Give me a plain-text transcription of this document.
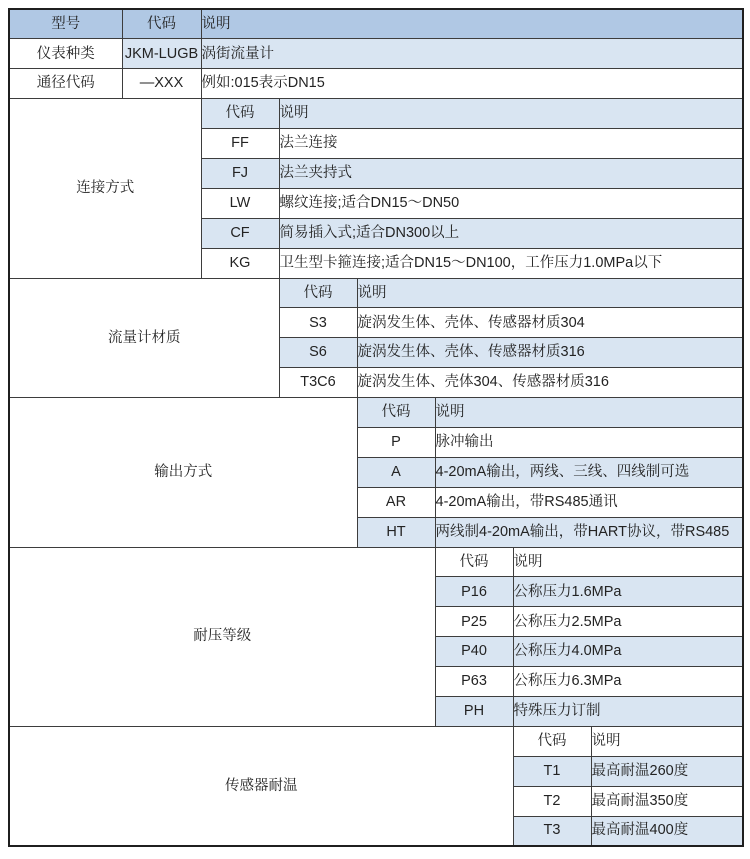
型号	代码	说明					
仪表种类	JKM-LUGB	涡街流量计					
通径代码	—XXX	例如:015表示DN15					
连接方式		代码	说明				
		FF	法兰连接				
		FJ	法兰夹持式				
		LW	螺纹连接;适合DN15～DN50				
		CF	简易插入式;适合DN300以上				
		KG	卫生型卡箍连接;适合DN15～DN100，工作压力1.0MPa以下				
流量计材质			代码	说明			
			S3	旋涡发生体、壳体、传感器材质304			
			S6	旋涡发生体、壳体、传感器材质316			
			T3C6	旋涡发生体、壳体304、传感器材质316			
输出方式				代码	说明		
				P	脉冲输出		
				A	4-20mA输出，两线、三线、四线制可选		
				AR	4-20mA输出，带RS485通讯		
				HT	两线制4-20mA输出，带HART协议，带RS485		
耐压等级					代码	说明	
					P16	公称压力1.6MPa	
					P25	公称压力2.5MPa	
					P40	公称压力4.0MPa	
					P63	公称压力6.3MPa	
					PH	特殊压力订制	
传感器耐温						代码	说明
						T1	最高耐温260度
						T2	最高耐温350度
						T3	最高耐温400度
